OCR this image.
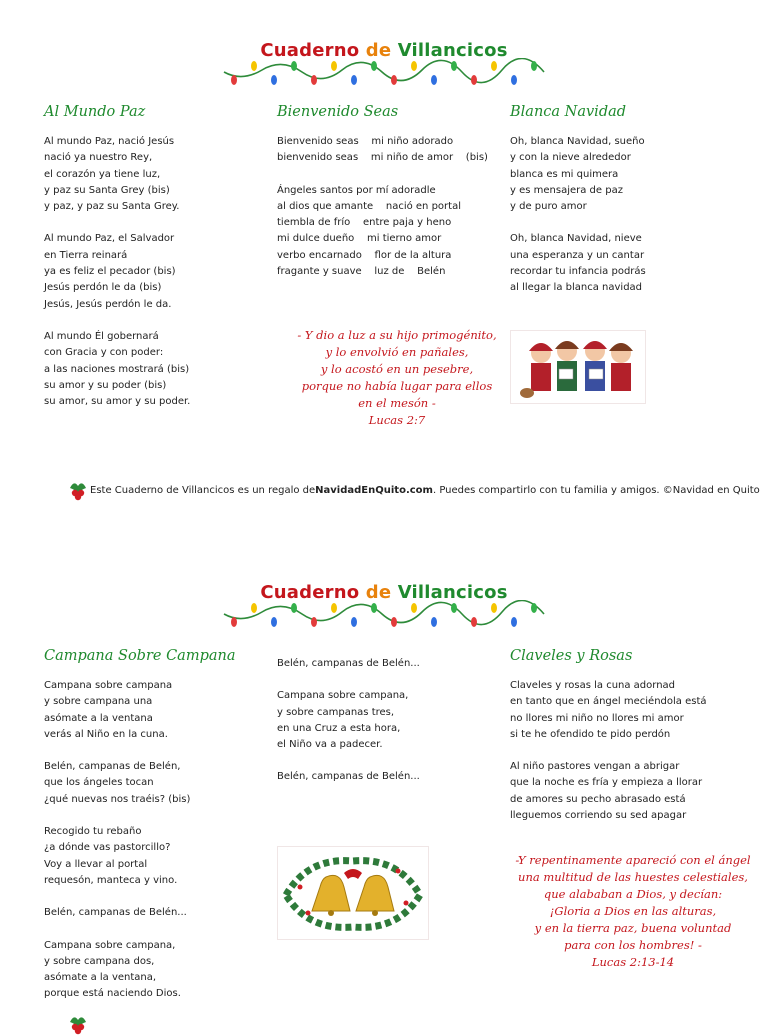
Cuaderno de Villancicos
Al Mundo Paz
Al mundo Paz, nació Jesús
nació ya nuestro Rey,
el corazón ya tiene luz,
y paz su Santa Grey (bis)
y paz, y paz su Santa Grey.
Al mundo Paz, el Salvador
en Tierra reinará
ya es feliz el pecador (bis)
Jesús perdón le da (bis)
Jesús, Jesús perdón le da.
Al mundo Él gobernará
con Gracia y con poder:
a las naciones mostrará (bis)
su amor y su poder (bis)
su amor, su amor y su poder.
Bienvenido Seas
Bienvenido seas    mi niño adorado
bienvenido seas    mi niño de amor    (bis)
Ángeles santos por mí adoradle
al dios que amante    nació en portal
tiembla de frío    entre paja y heno
mi dulce dueño    mi tierno amor
verbo encarnado    flor de la altura
fragante y suave    luz de    Belén
Blanca Navidad
Oh, blanca Navidad, sueño
y con la nieve alrededor
blanca es mi quimera
y es mensajera de paz
y de puro amor
Oh, blanca Navidad, nieve
una esperanza y un cantar
recordar tu infancia podrás
al llegar la blanca navidad
- Y dio a luz a su hijo primogénito,
y lo envolvió en pañales,
y lo acostó en un pesebre,
porque no había lugar para ellos
en el mesón -
Lucas 2:7
Este Cuaderno de Villancicos es un regalo de NavidadEnQuito.com . Puedes compartirlo con tu familia y amigos. ©Navidad en Quito
Cuaderno de Villancicos
Campana Sobre Campana
Campana sobre campana
y sobre campana una
asómate a la ventana
verás al Niño en la cuna.
Belén, campanas de Belén,
que los ángeles tocan
¿qué nuevas nos traéis? (bis)
Recogido tu rebaño
¿a dónde vas pastorcillo?
Voy a llevar al portal
requesón, manteca y vino.
Belén, campanas de Belén...
Campana sobre campana,
y sobre campana dos,
asómate a la ventana,
porque está naciendo Dios.
Belén, campanas de Belén...
Campana sobre campana,
y sobre campanas tres,
en una Cruz a esta hora,
el Niño va a padecer.
Belén, campanas de Belén...
Claveles y Rosas
Claveles y rosas la cuna adornad
en tanto que en ángel meciéndola está
no llores mi niño no llores mi amor
si te he ofendido te pido perdón
Al niño pastores vengan a abrigar
que la noche es fría y empieza a llorar
de amores su pecho abrasado está
lleguemos corriendo su sed apagar
-Y repentinamente apareció con el ángel
una multitud de las huestes celestiales,
que alababan a Dios, y decían:
¡Gloria a Dios en las alturas,
y en la tierra paz, buena voluntad
para con los hombres! -
Lucas 2:13-14
